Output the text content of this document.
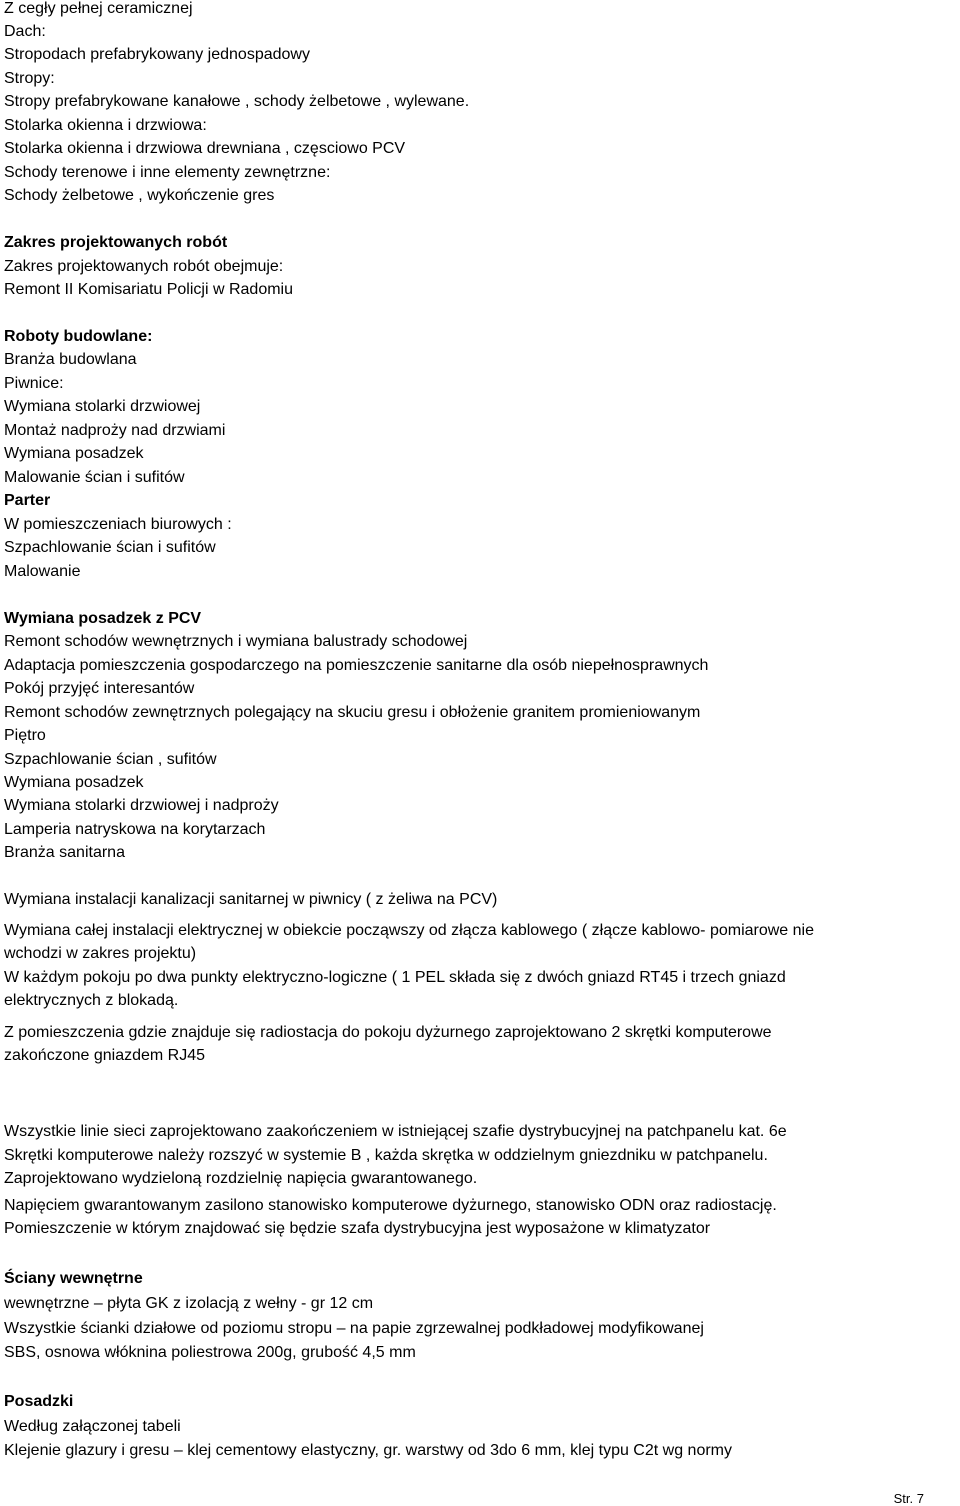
Z cegły pełnej ceramicznej
Dach:
Stropodach prefabrykowany jednospadowy
Stropy:
Stropy prefabrykowane kanałowe , schody żelbetowe , wylewane.
Stolarka okienna i drzwiowa:
Stolarka okienna i drzwiowa drewniana , częsciowo PCV
Schody terenowe i inne elementy zewnętrzne:
Schody żelbetowe , wykończenie gres
Zakres projektowanych robót
Zakres projektowanych robót obejmuje:
Remont II Komisariatu Policji w Radomiu
Roboty budowlane:
Branża budowlana
Piwnice:
Wymiana stolarki drzwiowej
Montaż nadproży nad drzwiami
Wymiana posadzek
Malowanie ścian i sufitów
Parter
W pomieszczeniach biurowych :
Szpachlowanie ścian i sufitów
Malowanie
Wymiana posadzek z PCV
Remont schodów wewnętrznych i wymiana balustrady schodowej
Adaptacja pomieszczenia gospodarczego na pomieszczenie sanitarne dla osób niepełnosprawnych
Pokój przyjęć interesantów
Remont schodów zewnętrznych polegający na skuciu gresu i obłożenie granitem promieniowanym
Piętro
Szpachlowanie ścian , sufitów
Wymiana posadzek
Wymiana stolarki drzwiowej i nadproży
Lamperia natryskowa na korytarzach
Branża sanitarna
Wymiana instalacji kanalizacji sanitarnej w piwnicy ( z żeliwa na PCV)
Wymiana całej instalacji elektrycznej w obiekcie począwszy od złącza kablowego ( złącze kablowo- pomiarowe nie
wchodzi w zakres projektu)
W każdym pokoju po dwa punkty elektryczno-logiczne ( 1 PEL składa się z dwóch gniazd RT45 i trzech gniazd
elektrycznych z blokadą.
Z pomieszczenia gdzie znajduje się radiostacja do pokoju dyżurnego zaprojektowano 2 skrętki komputerowe
zakończone gniazdem RJ45
Wszystkie linie sieci zaprojektowano zaakończeniem w istniejącej szafie dystrybucyjnej na patchpanelu kat. 6e
Skrętki komputerowe należy rozszyć w systemie B , każda skrętka w oddzielnym gniezdniku w patchpanelu.
Zaprojektowano wydzieloną rozdzielnię napięcia gwarantowanego.
Napięciem gwarantowanym zasilono stanowisko komputerowe dyżurnego, stanowisko ODN oraz radiostację.
Pomieszczenie w którym znajdować się będzie szafa dystrybucyjna jest wyposażone w klimatyzator
Ściany wewnętrne
wewnętrzne – płyta GK z izolacją z wełny - gr 12 cm
Wszystkie ścianki działowe od poziomu stropu – na papie zgrzewalnej podkładowej modyfikowanej
SBS, osnowa włóknina poliestrowa 200g, grubość 4,5 mm
Posadzki
Według załączonej tabeli
Klejenie glazury i gresu – klej cementowy elastyczny, gr. warstwy od 3do 6 mm, klej typu C2t wg normy
Str. 7
